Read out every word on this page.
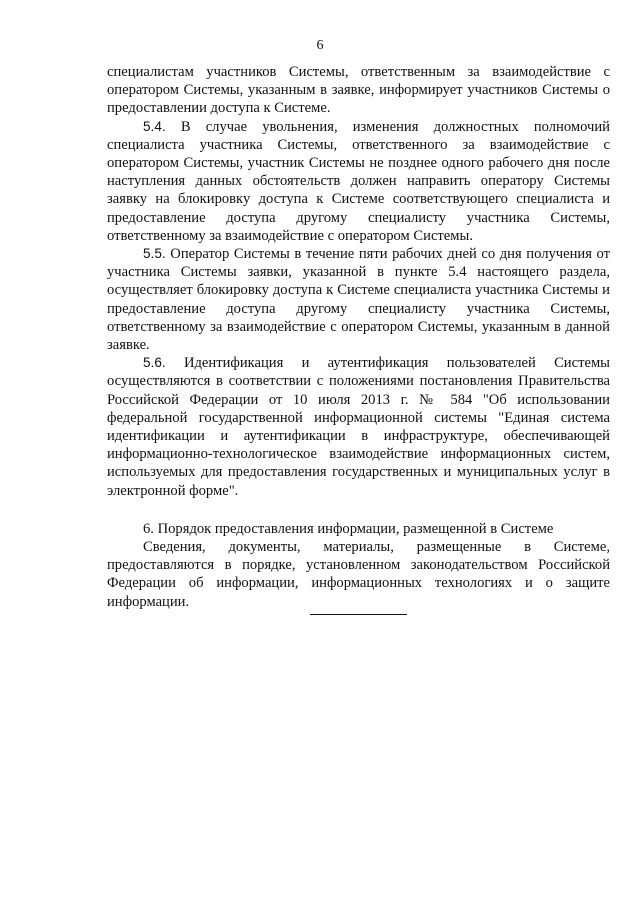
6

специалистам участников Системы, ответственным за взаимодействие с оператором Системы, указанным в заявке, информирует участников Системы о предоставлении доступа к Системе.

5.4. В случае увольнения, изменения должностных полномочий специалиста участника Системы, ответственного за взаимодействие с оператором Системы, участник Системы не позднее одного рабочего дня после наступления данных обстоятельств должен направить оператору Системы заявку на блокировку доступа к Системе соответствующего специалиста и предоставление доступа другому специалисту участника Системы, ответственному за взаимодействие с оператором Системы.

5.5. Оператор Системы в течение пяти рабочих дней со дня получения от участника Системы заявки, указанной в пункте 5.4 настоящего раздела, осуществляет блокировку доступа к Системе специалиста участника Системы и предоставление доступа другому специалисту участника Системы, ответственному за взаимодействие с оператором Системы, указанным в данной заявке.

5.6. Идентификация и аутентификация пользователей Системы осуществляются в соответствии с положениями постановления Правительства Российской Федерации от 10 июля 2013 г. № 584 "Об использовании федеральной государственной информационной системы "Единая система идентификации и аутентификации в инфраструктуре, обеспечивающей информационно-технологическое взаимодействие информационных систем, используемых для предоставления государственных и муниципальных услуг в электронной форме".

6. Порядок предоставления информации, размещенной в Системе

Сведения, документы, материалы, размещенные в Системе, предоставляются в порядке, установленном законодательством Российской Федерации об информации, информационных технологиях и о защите информации.
